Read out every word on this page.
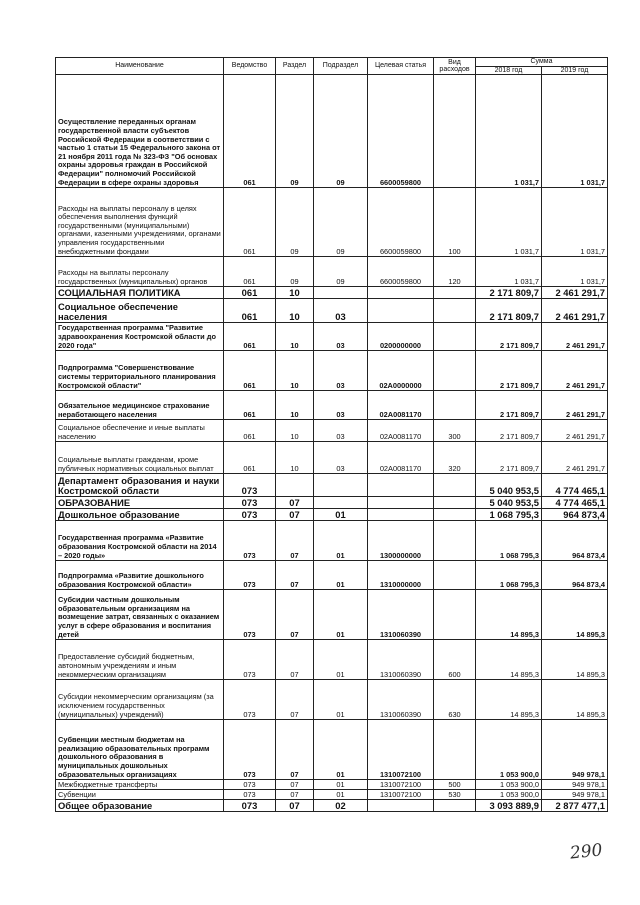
Наименование	Ведомство	Раздел	Подраздел	Целевая статья	Вид расходов	Сумма	
						2018 год	2019 год
Осуществление переданных органам государственной власти субъектов Российской Федерации в соответствии с частью 1 статьи 15 Федерального закона от 21 ноября 2011 года № 323-ФЗ "Об основах охраны здоровья граждан в Российской Федерации" полномочий Российской Федерации в сфере охраны здоровья	061	09	09	6600059800		1 031,7	1 031,7
Расходы на выплаты персоналу в целях обеспечения выполнения функций государственными (муниципальными) органами, казенными учреждениями, органами управления государственными внебюджетными фондами	061	09	09	6600059800	100	1 031,7	1 031,7
Расходы на выплаты персоналу государственных (муниципальных) органов	061	09	09	6600059800	120	1 031,7	1 031,7
СОЦИАЛЬНАЯ ПОЛИТИКА	061	10				2 171 809,7	2 461 291,7
Социальное обеспечение населения	061	10	03			2 171 809,7	2 461 291,7
Государственная программа "Развитие здравоохранения Костромской области до 2020 года"	061	10	03	0200000000		2 171 809,7	2 461 291,7
Подпрограмма "Совершенствование системы территориального планирования Костромской области"	061	10	03	02А0000000		2 171 809,7	2 461 291,7
Обязательное медицинское страхование неработающего населения	061	10	03	02А0081170		2 171 809,7	2 461 291,7
Социальное обеспечение и иные выплаты населению	061	10	03	02А0081170	300	2 171 809,7	2 461 291,7
Социальные выплаты гражданам, кроме публичных нормативных социальных выплат	061	10	03	02А0081170	320	2 171 809,7	2 461 291,7
Департамент образования и науки Костромской области	073					5 040 953,5	4 774 465,1
ОБРАЗОВАНИЕ	073	07				5 040 953,5	4 774 465,1
Дошкольное образование	073	07	01			1 068 795,3	964 873,4
Государственная программа «Развитие образования Костромской области на 2014 – 2020 годы»	073	07	01	1300000000		1 068 795,3	964 873,4
Подпрограмма «Развитие дошкольного образования Костромской области»	073	07	01	1310000000		1 068 795,3	964 873,4
Субсидии частным дошкольным образовательным организациям на возмещение затрат, связанных с оказанием услуг в сфере образования и воспитания детей	073	07	01	1310060390		14 895,3	14 895,3
Предоставление субсидий бюджетным, автономным учреждениям и иным некоммерческим организациям	073	07	01	1310060390	600	14 895,3	14 895,3
Субсидии некоммерческим организациям (за исключением государственных (муниципальных) учреждений)	073	07	01	1310060390	630	14 895,3	14 895,3
Субвенции местным бюджетам на реализацию образовательных программ дошкольного образования в муниципальных дошкольных образовательных организациях	073	07	01	1310072100		1 053 900,0	949 978,1
Межбюджетные трансферты	073	07	01	1310072100	500	1 053 900,0	949 978,1
Субвенции	073	07	01	1310072100	530	1 053 900,0	949 978,1
Общее образование	073	07	02			3 093 889,9	2 877 477,1
290
